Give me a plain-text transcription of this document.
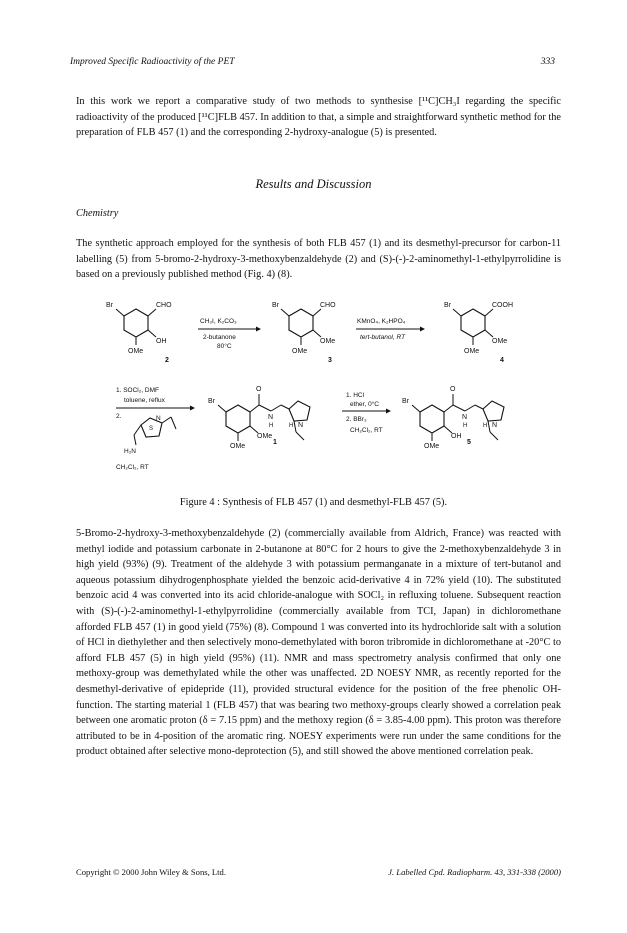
Improved Specific Radioactivity of the PET	333
In this work we report a comparative study of two methods to synthesise [¹¹C]CH₃I regarding the specific radioactivity of the produced [¹¹C]FLB 457. In addition to that, a simple and straightforward synthetic method for the preparation of FLB 457 (1) and the corresponding 2-hydroxy-analogue (5) is presented.
Results and Discussion
Chemistry
The synthetic approach employed for the synthesis of both FLB 457 (1) and its desmethyl-precursor for carbon-11 labelling (5) from 5-bromo-2-hydroxy-3-methoxybenzaldehyde (2) and (S)-(-)-2-aminomethyl-1-ethylpyrrolidine is based on a previously published method (Fig. 4) (8).
Br	CHO
OH
OMe
2
CH₃I, K₂CO₃
2-butanone
80°C
Br	CHO
OMe
OMe
3
KMnO₄, K₂HPO₄
tert-butanol, RT
Br	COOH
OMe
OMe
4
1. SOCl₂, DMF
toluene, reflux
2.
S
N
H₂N
CH₂Cl₂, RT
Br
O
N
H	H N
OMe
OMe
1
1. HCl
ether, 0°C
2. BBr₃
CH₂Cl₂, RT
Br
O
N
H	H N
OH
OMe
5
Figure 4 : Synthesis of FLB 457 (1) and desmethyl-FLB 457 (5).
5-Bromo-2-hydroxy-3-methoxybenzaldehyde (2) (commercially available from Aldrich, France) was reacted with methyl iodide and potassium carbonate in 2-butanone at 80°C for 2 hours to give the 2-methoxybenzaldehyde 3 in high yield (93%) (9). Treatment of the aldehyde 3 with potassium permanganate in a mixture of tert-butanol and aqueous potassium dihydrogenphosphate yielded the benzoic acid-derivative 4 in 72% yield (10). The substituted benzoic acid 4 was converted into its acid chloride-analogue with SOCl₂ in refluxing toluene. Subsequent reaction with (S)-(-)-2-aminomethyl-1-ethylpyrrolidine (commercially available from TCI, Japan) in dichloromethane afforded FLB 457 (1) in good yield (75%) (8). Compound 1 was converted into its hydrochloride salt with a solution of HCl in diethylether and then selectively mono-demethylated with boron tribromide in dichloromethane at -20°C to afford FLB 457 (5) in high yield (95%) (11). NMR and mass spectrometry analysis confirmed that only one methoxy-group was demethylated while the other was unaffected. 2D NOESY NMR, as recently reported for the desmethyl-derivative of epidepride (11), provided structural evidence for the position of the free phenolic OH-function. The starting material 1 (FLB 457) that was bearing two methoxy-groups clearly showed a correlation peak between one aromatic proton (δ = 7.15 ppm) and the methoxy region (δ = 3.85-4.00 ppm). This proton was therefore attributed to be in 4-position of the aromatic ring. NOESY experiments were run under the same conditions for the product obtained after selective mono-deprotection (5), and still showed the above mentioned correlation peak.
Copyright © 2000 John Wiley & Sons, Ltd.	J. Labelled Cpd. Radiopharm. 43, 331-338 (2000)
